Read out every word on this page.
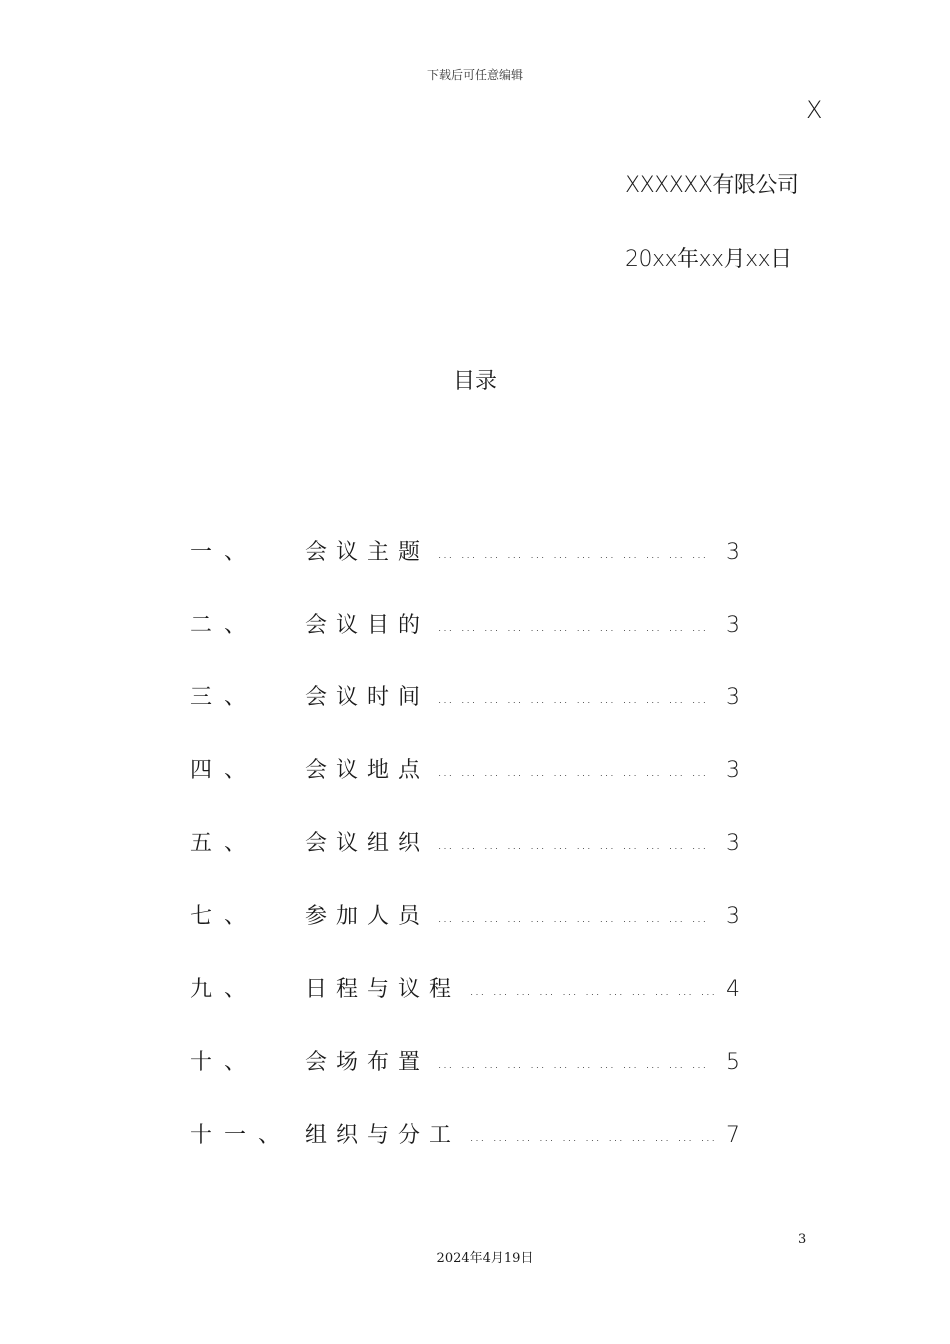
下载后可任意编辑
X
XXXXXX有限公司
20xx年xx月xx日
目录
一、 会议主题 … … … … … … … … … … … … 3
二、 会议目的 … … … … … … … … … … … … 3
三、 会议时间 … … … … … … … … … … … … 3
四、 会议地点 … … … … … … … … … … … … 3
五、 会议组织 … … … … … … … … … … … … 3
七、 参加人员 … … … … … … … … … … … … 3
九、 日程与议程 … … … … … … … … … … … 4
十、 会场布置 … … … … … … … … … … … … 5
十一、 组织与分工 … … … … … … … … … … … 7
3
2024年4月19日
